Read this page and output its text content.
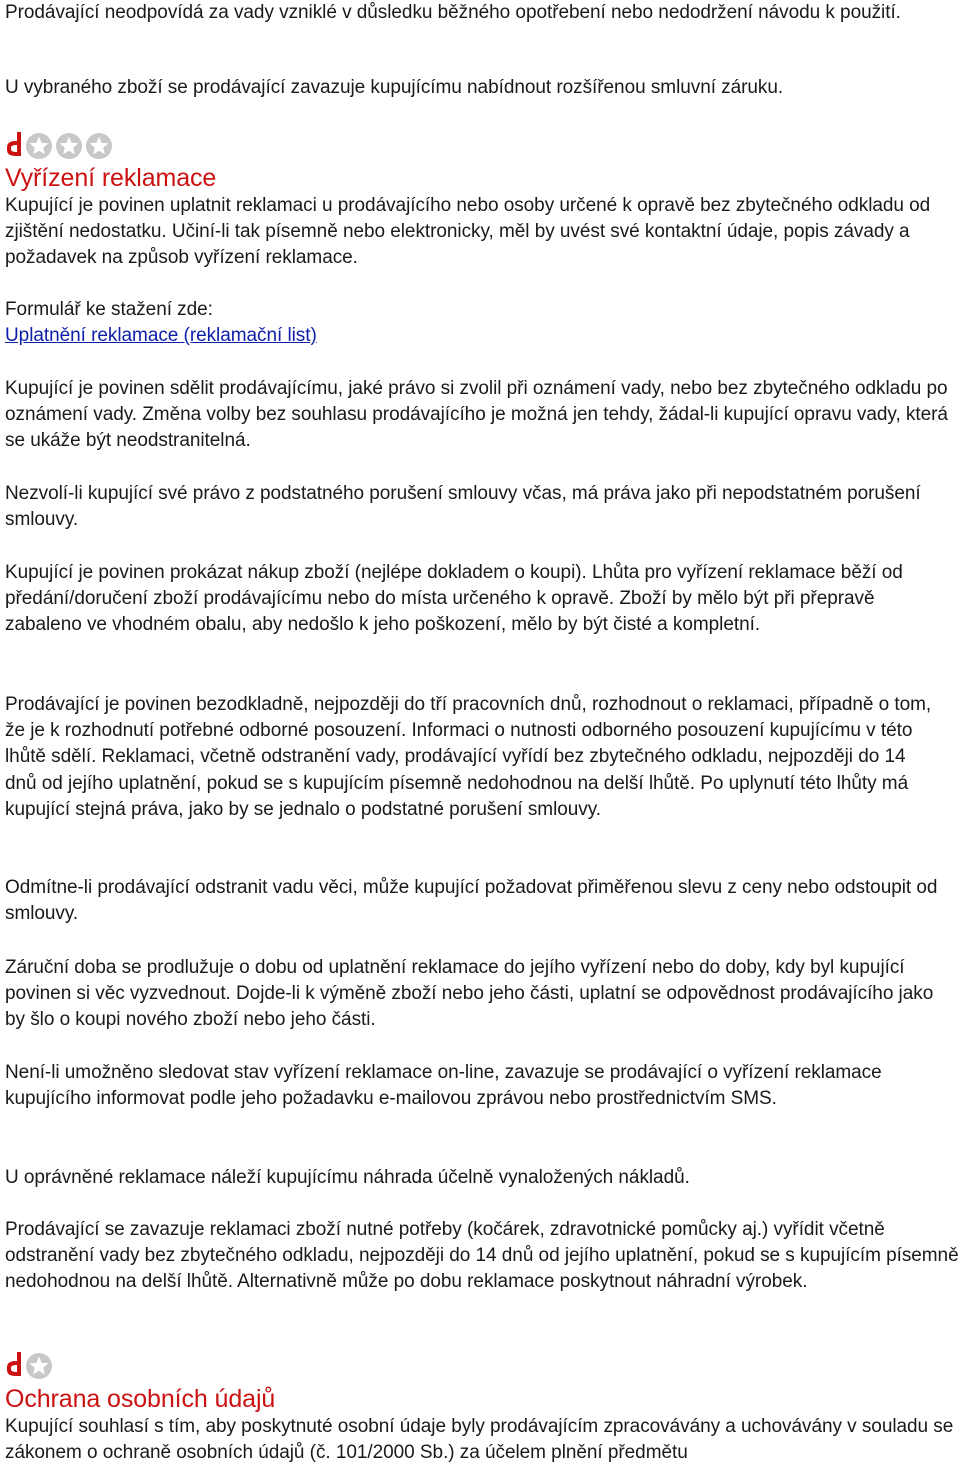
Prodávající neodpovídá za vady vzniklé v důsledku běžného opotřebení nebo nedodržení návodu k použití.

U vybraného zboží se prodávající zavazuje kupujícímu nabídnout rozšířenou smluvní záruku.

Vyřízení reklamace

Kupující je povinen uplatnit reklamaci u prodávajícího nebo osoby určené k opravě bez zbytečného odkladu od zjištění nedostatku. Učiní-li tak písemně nebo elektronicky, měl by uvést své kontaktní údaje, popis závady a požadavek na způsob vyřízení reklamace.

Formulář ke stažení zde:

Uplatnění reklamace (reklamační list)

Kupující je povinen sdělit prodávajícímu, jaké právo si zvolil při oznámení vady, nebo bez zbytečného odkladu po oznámení vady. Změna volby bez souhlasu prodávajícího je možná jen tehdy, žádal-li kupující opravu vady, která se ukáže být neodstranitelná.

Nezvolí-li kupující své právo z podstatného porušení smlouvy včas, má práva jako při nepodstatném porušení smlouvy.

Kupující je povinen prokázat nákup zboží (nejlépe dokladem o koupi). Lhůta pro vyřízení reklamace běží od předání/doručení zboží prodávajícímu nebo do místa určeného k opravě. Zboží by mělo být při přepravě zabaleno ve vhodném obalu, aby nedošlo k jeho poškození, mělo by být čisté a kompletní.

Prodávající je povinen bezodkladně, nejpozději do tří pracovních dnů, rozhodnout o reklamaci, případně o tom, že je k rozhodnutí potřebné odborné posouzení. Informaci o nutnosti odborného posouzení kupujícímu v této lhůtě sdělí. Reklamaci, včetně odstranění vady, prodávající vyřídí bez zbytečného odkladu, nejpozději do 14 dnů od jejího uplatnění, pokud se s kupujícím písemně nedohodnou na delší lhůtě. Po uplynutí této lhůty má kupující stejná práva, jako by se jednalo o podstatné porušení smlouvy.

Odmítne-li prodávající odstranit vadu věci, může kupující požadovat přiměřenou slevu z ceny nebo odstoupit od smlouvy.

Záruční doba se prodlužuje o dobu od uplatnění reklamace do jejího vyřízení nebo do doby, kdy byl kupující povinen si věc vyzvednout. Dojde-li k výměně zboží nebo jeho části, uplatní se odpovědnost prodávajícího jako by šlo o koupi nového zboží nebo jeho části.

Není-li umožněno sledovat stav vyřízení reklamace on-line, zavazuje se prodávající o vyřízení reklamace kupujícího informovat podle jeho požadavku e-mailovou zprávou nebo prostřednictvím SMS.

U oprávněné reklamace náleží kupujícímu náhrada účelně vynaložených nákladů.

Prodávající se zavazuje reklamaci zboží nutné potřeby (kočárek, zdravotnické pomůcky aj.) vyřídit včetně odstranění vady bez zbytečného odkladu, nejpozději do 14 dnů od jejího uplatnění, pokud se s kupujícím písemně nedohodnou na delší lhůtě. Alternativně může po dobu reklamace poskytnout náhradní výrobek.

Ochrana osobních údajů

Kupující souhlasí s tím, aby poskytnuté osobní údaje byly prodávajícím zpracovávány a uchovávány v souladu se zákonem o ochraně osobních údajů (č. 101/2000 Sb.) za účelem plnění předmětu
